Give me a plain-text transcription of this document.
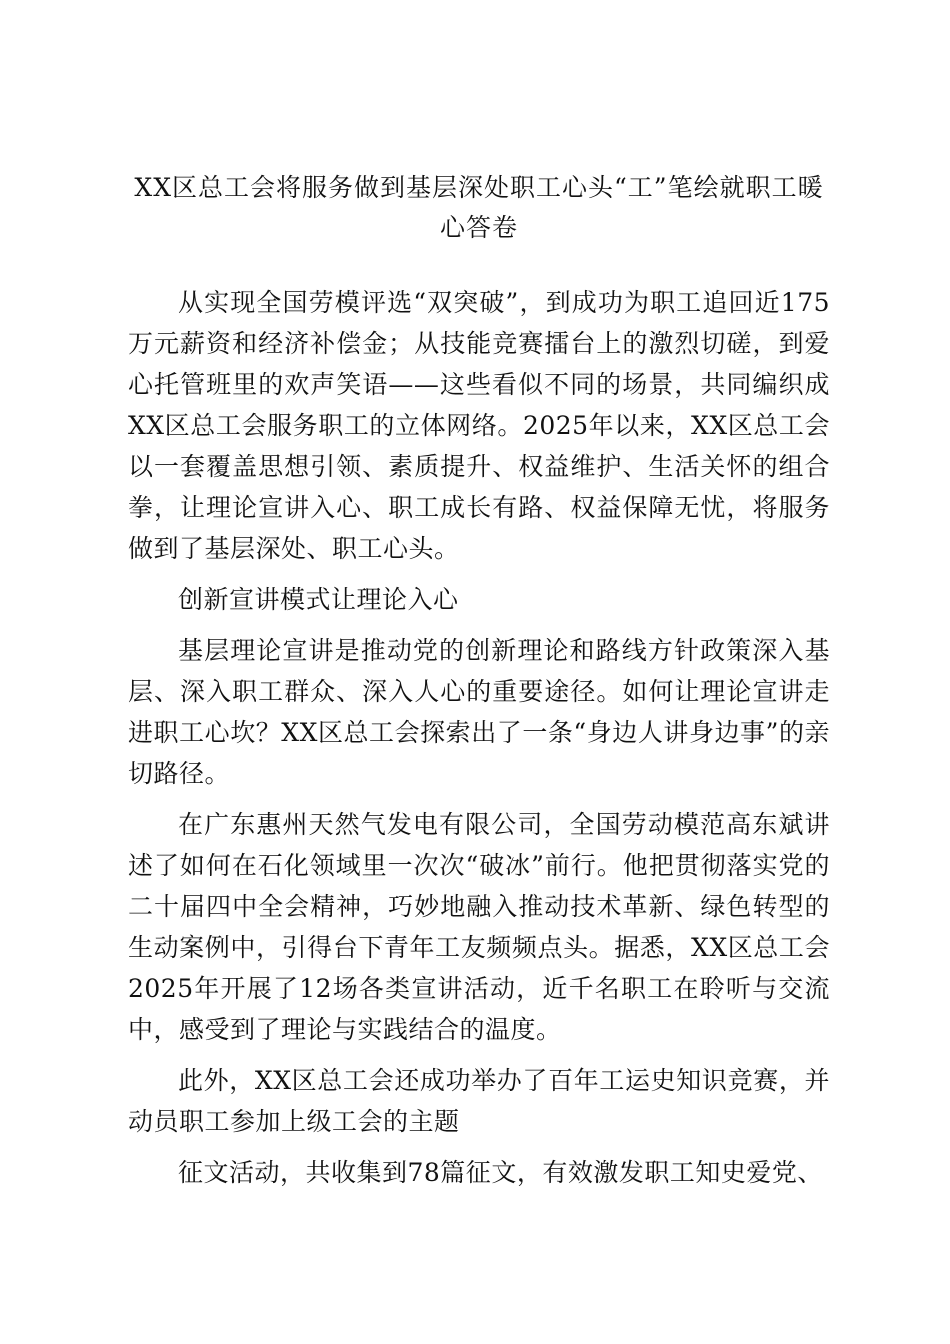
XX区总工会将服务做到基层深处职工心头“工”笔绘就职工暖心答卷

从实现全国劳模评选“双突破”，到成功为职工追回近175万元薪资和经济补偿金；从技能竞赛擂台上的激烈切磋，到爱心托管班里的欢声笑语——这些看似不同的场景，共同编织成XX区总工会服务职工的立体网络。2025年以来，XX区总工会以一套覆盖思想引领、素质提升、权益维护、生活关怀的组合拳，让理论宣讲入心、职工成长有路、权益保障无忧，将服务做到了基层深处、职工心头。

创新宣讲模式让理论入心

基层理论宣讲是推动党的创新理论和路线方针政策深入基层、深入职工群众、深入人心的重要途径。如何让理论宣讲走进职工心坎？XX区总工会探索出了一条“身边人讲身边事”的亲切路径。

在广东惠州天然气发电有限公司，全国劳动模范高东斌讲述了如何在石化领域里一次次“破冰”前行。他把贯彻落实党的二十届四中全会精神，巧妙地融入推动技术革新、绿色转型的生动案例中，引得台下青年工友频频点头。据悉，XX区总工会2025年开展了12场各类宣讲活动，近千名职工在聆听与交流中，感受到了理论与实践结合的温度。

此外，XX区总工会还成功举办了百年工运史知识竞赛，并动员职工参加上级工会的主题

征文活动，共收集到78篇征文，有效激发职工知史爱党、
